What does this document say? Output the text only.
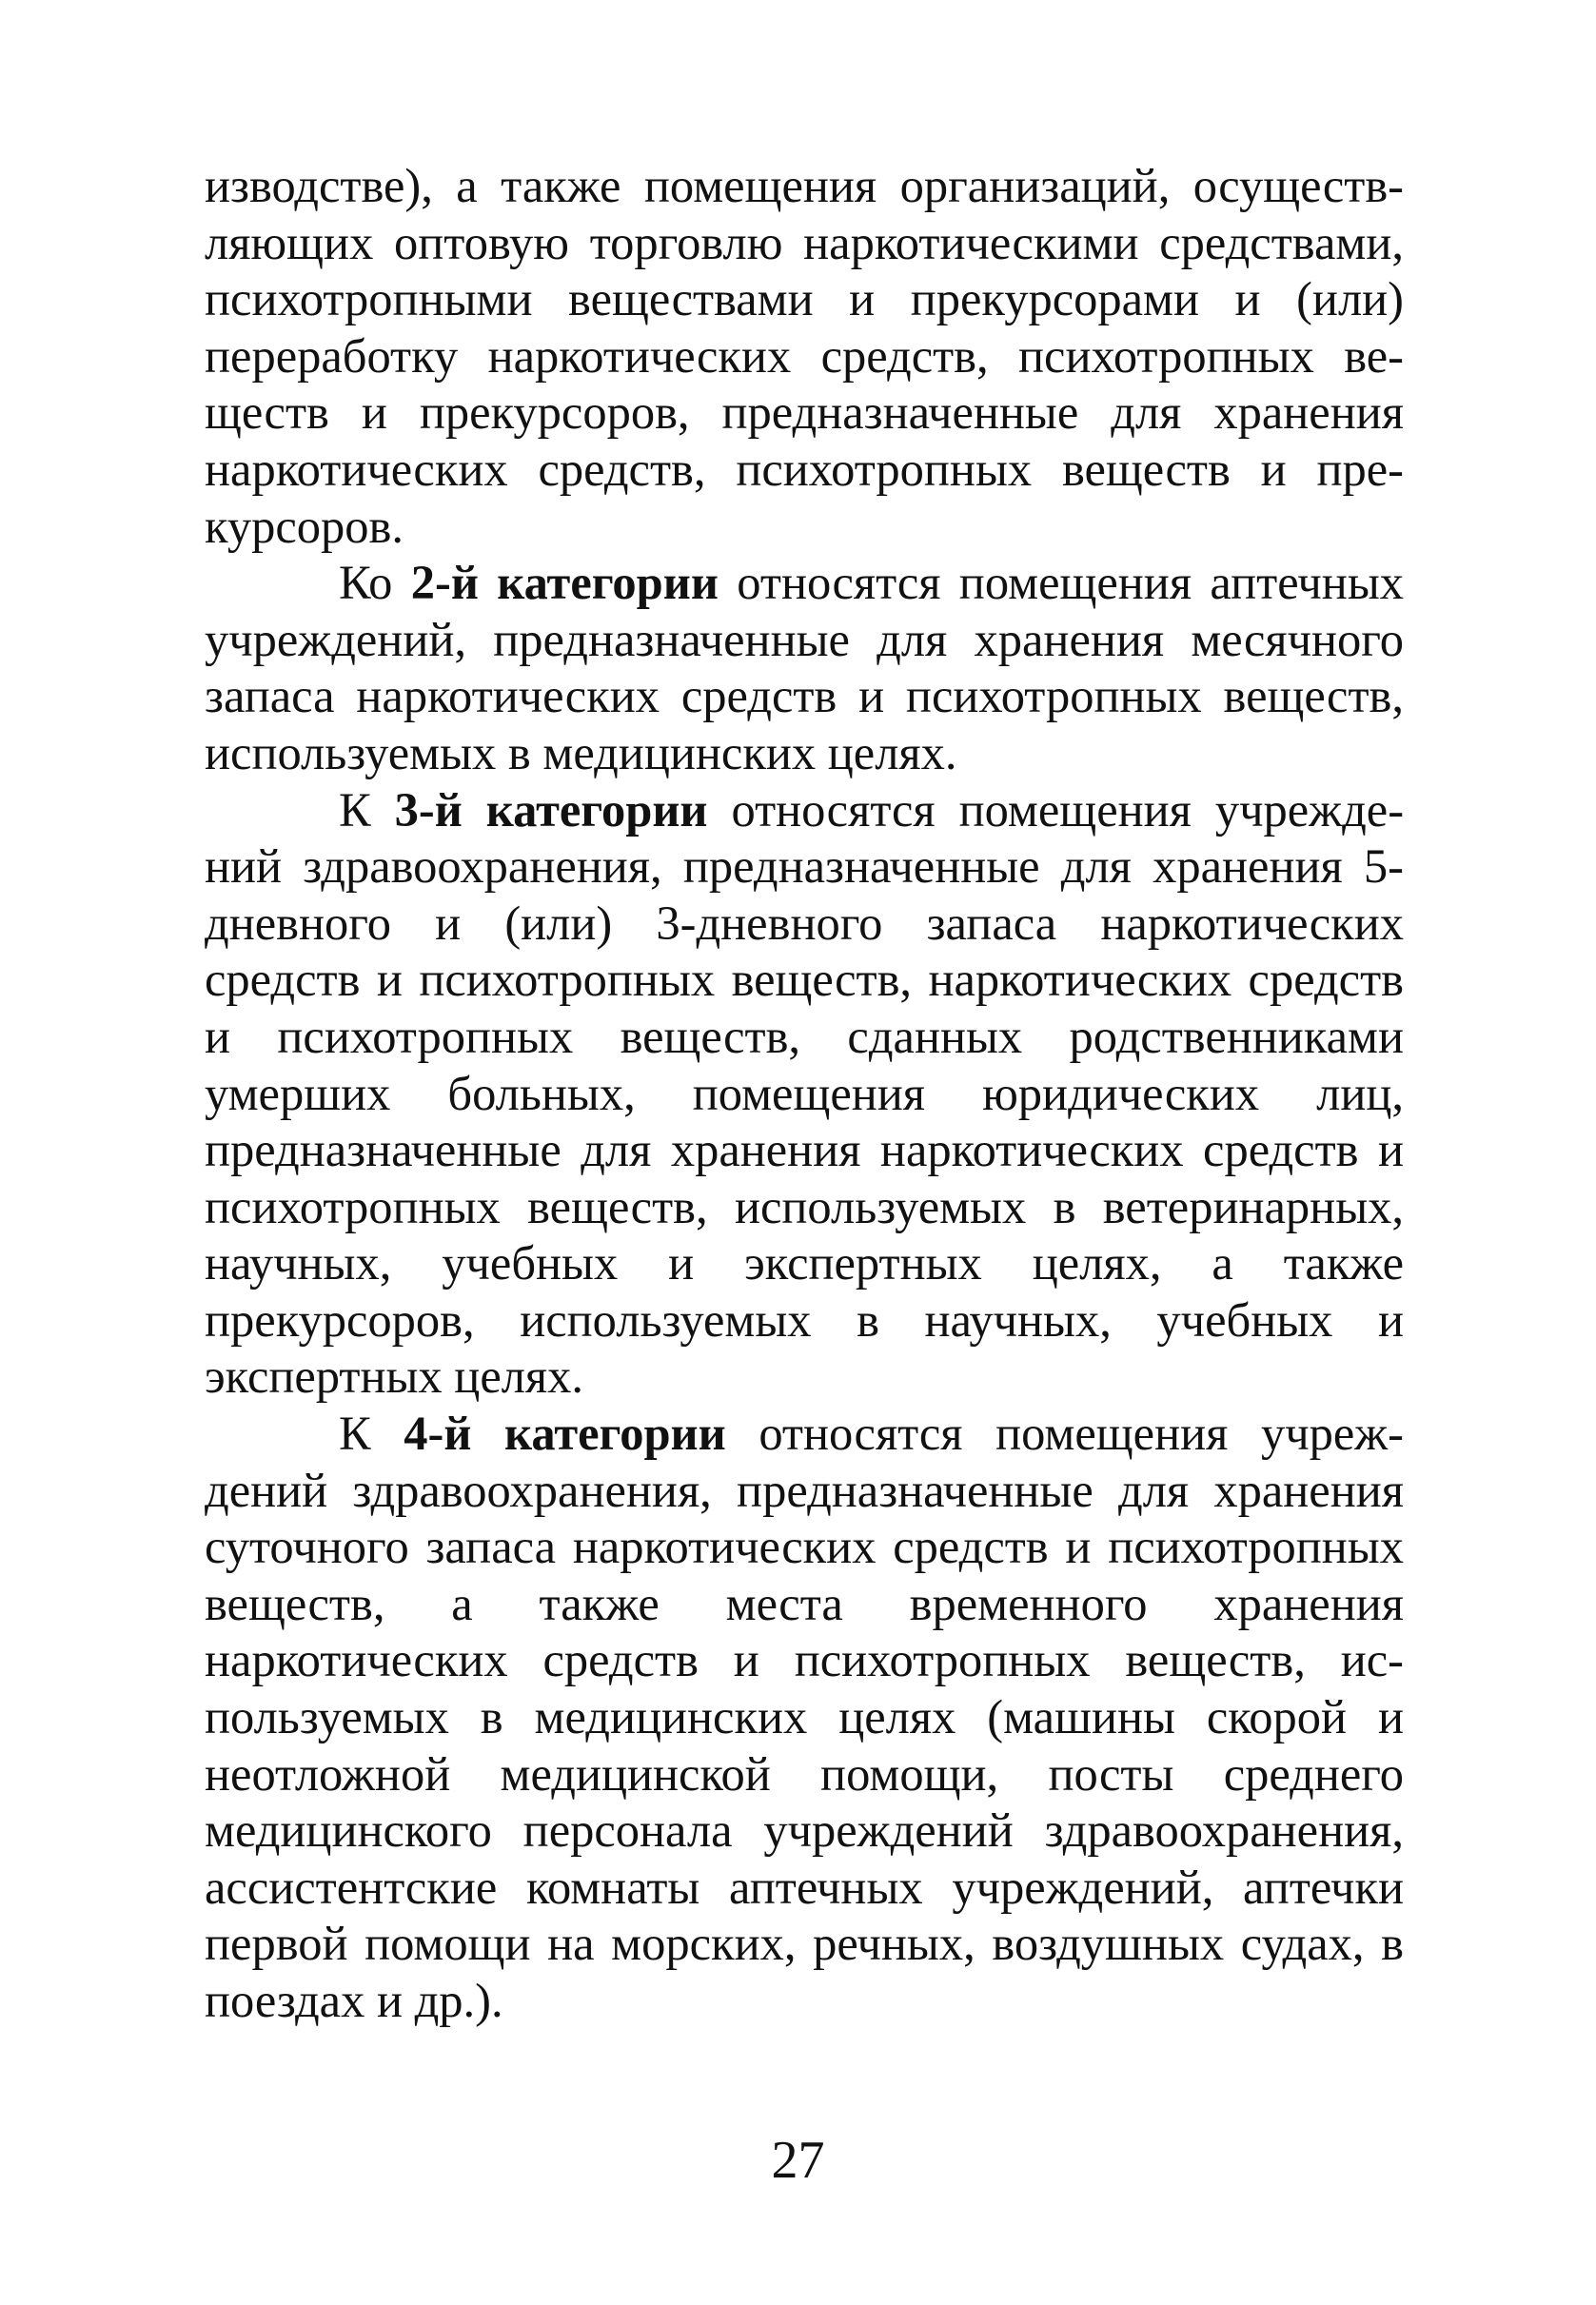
изводстве), а также помещения организаций, осуществляющих оптовую торговлю наркотическими средствами, психотропными веществами и прекурсорами и (или) переработку наркотических средств, психотропных веществ и прекурсоров, предназначенные для хранения наркотических средств, психотропных веществ и прекурсоров.

Ко 2-й категории относятся помещения аптечных учреждений, предназначенные для хранения месячного запаса наркотических средств и психотропных веществ, используемых в медицинских целях.

К 3-й категории относятся помещения учреждений здравоохранения, предназначенные для хранения 5-дневного и (или) 3-дневного запаса наркотических средств и психотропных веществ, наркотических средств и психотропных веществ, сданных родственниками умерших больных, помещения юридических лиц, предназначенные для хранения наркотических средств и психотропных веществ, используемых в ветеринарных, научных, учебных и экспертных целях, а также прекурсоров, используемых в научных, учебных и экспертных целях.

К 4-й категории относятся помещения учреждений здравоохранения, предназначенные для хранения суточного запаса наркотических средств и психотропных веществ, а также места временного хранения наркотических средств и психотропных веществ, используемых в медицинских целях (машины скорой и неотложной медицинской помощи, посты среднего медицинского персонала учреждений здравоохранения, ассистентские комнаты аптечных учреждений, аптечки первой помощи на морских, речных, воздушных судах, в поездах и др.).

27
